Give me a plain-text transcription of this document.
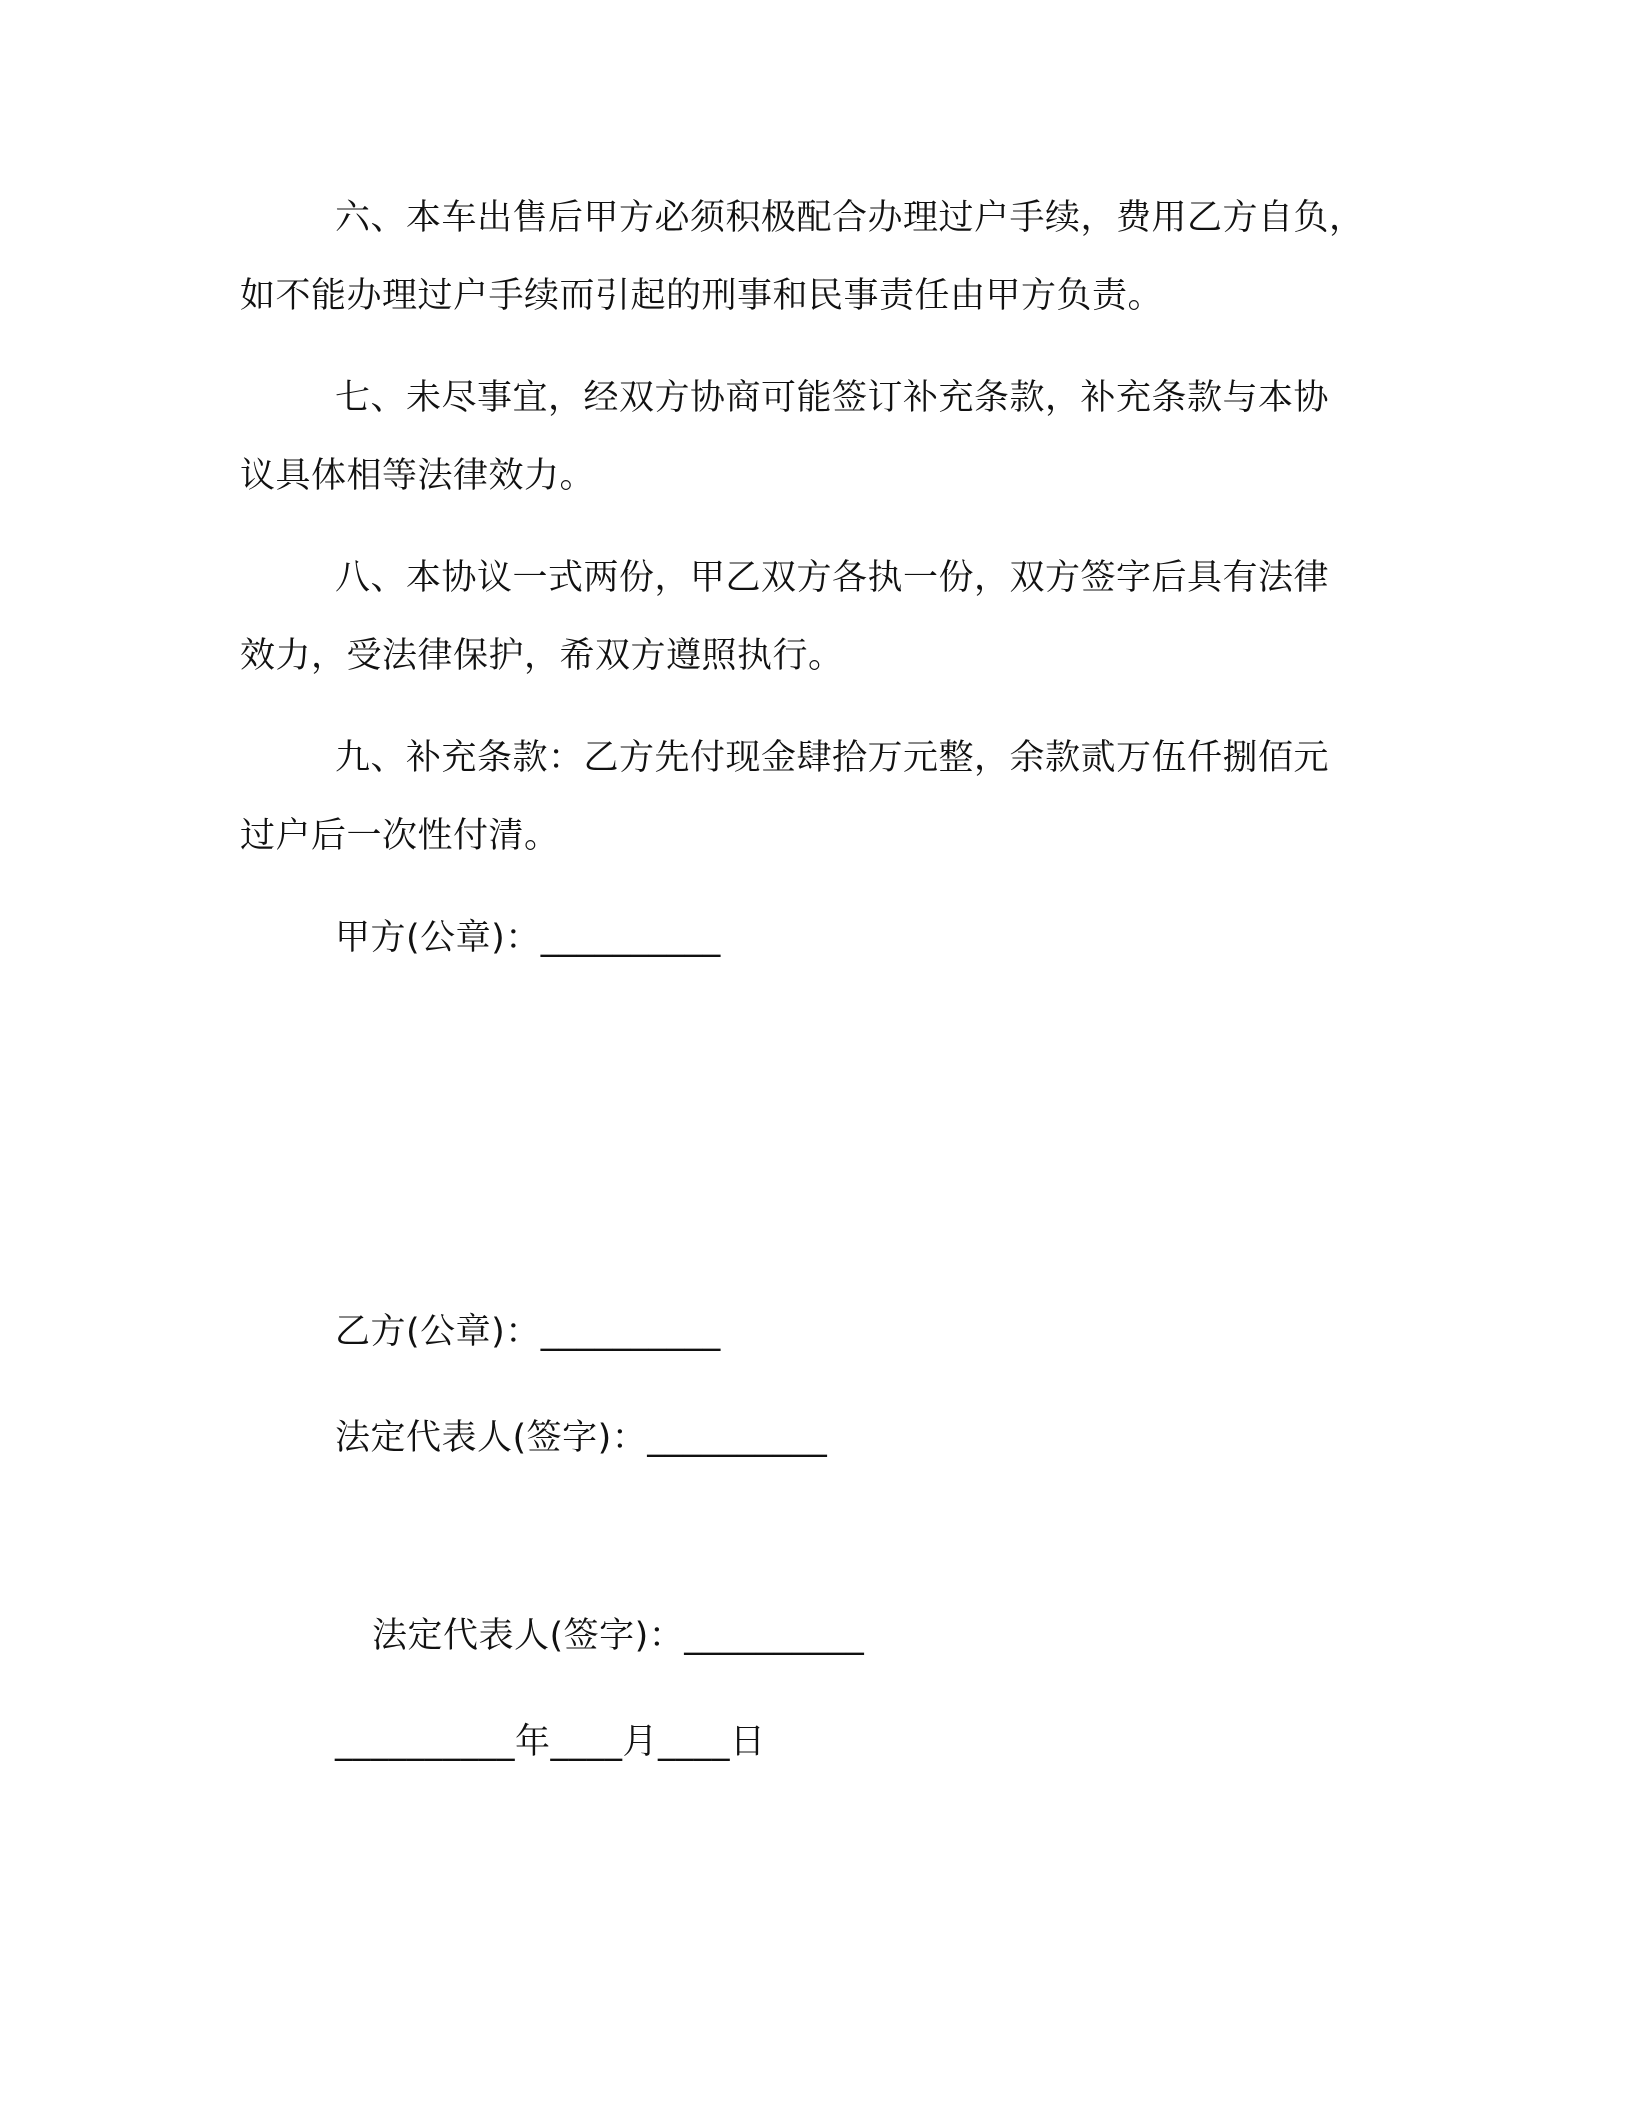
六、本车出售后甲方必须积极配合办理过户手续，费用乙方自负，
如不能办理过户手续而引起的刑事和民事责任由甲方负责。
七、未尽事宜，经双方协商可能签订补充条款，补充条款与本协
议具体相等法律效力。
八、本协议一式两份，甲乙双方各执一份，双方签字后具有法律
效力，受法律保护，希双方遵照执行。
九、补充条款：乙方先付现金肆拾万元整，余款贰万伍仟捌佰元
过户后一次性付清。
甲方(公章)：__________
乙方(公章)：__________
法定代表人(签字)：__________
法定代表人(签字)：__________
__________年____月____日
